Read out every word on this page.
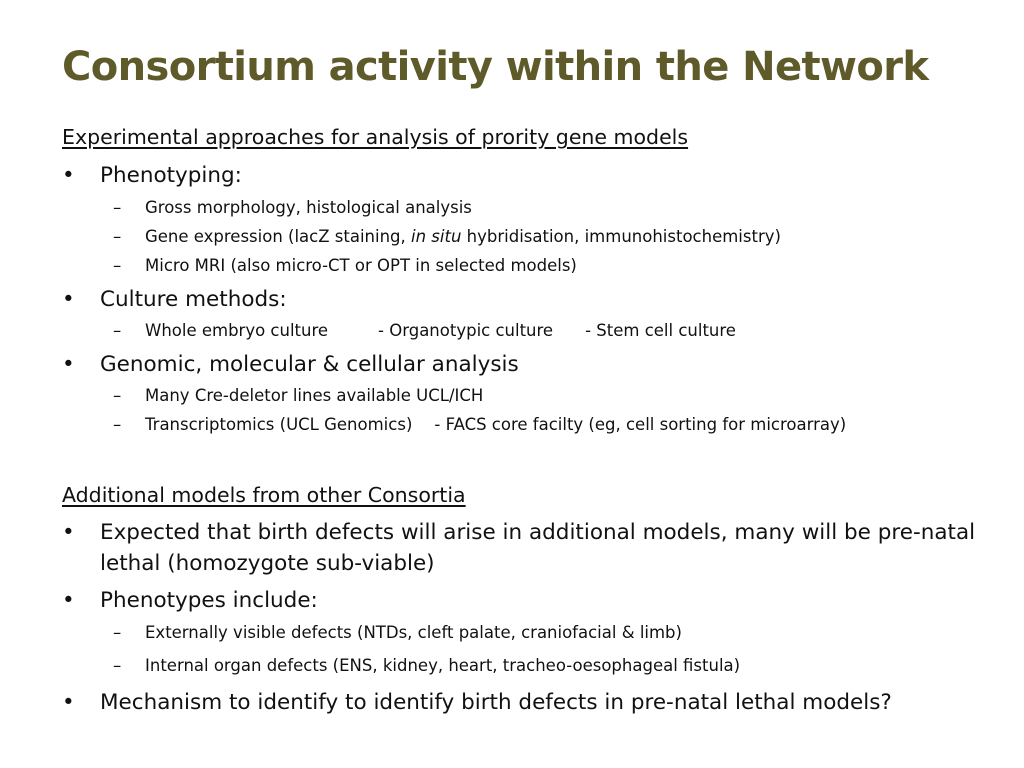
Consortium activity within the Network
Experimental approaches for analysis of prority gene models
• Phenotyping:
– Gross morphology, histological analysis
– Gene expression (lacZ staining, in situ hybridisation, immunohistochemistry)
– Micro MRI (also micro-CT or OPT in selected models)
• Culture methods:
– Whole embryo culture	- Organotypic culture - Stem cell culture
• Genomic, molecular & cellular analysis
– Many Cre-deletor lines available UCL/ICH
– Transcriptomics (UCL Genomics) - FACS core facilty (eg, cell sorting for microarray)
Additional models from other Consortia
• Expected that birth defects will arise in additional models, many will be pre-natal lethal (homozygote sub-viable)
• Phenotypes include:
– Externally visible defects (NTDs, cleft palate, craniofacial & limb)
– Internal organ defects (ENS, kidney, heart, tracheo-oesophageal fistula)
• Mechanism to identify to identify birth defects in pre-natal lethal models?
